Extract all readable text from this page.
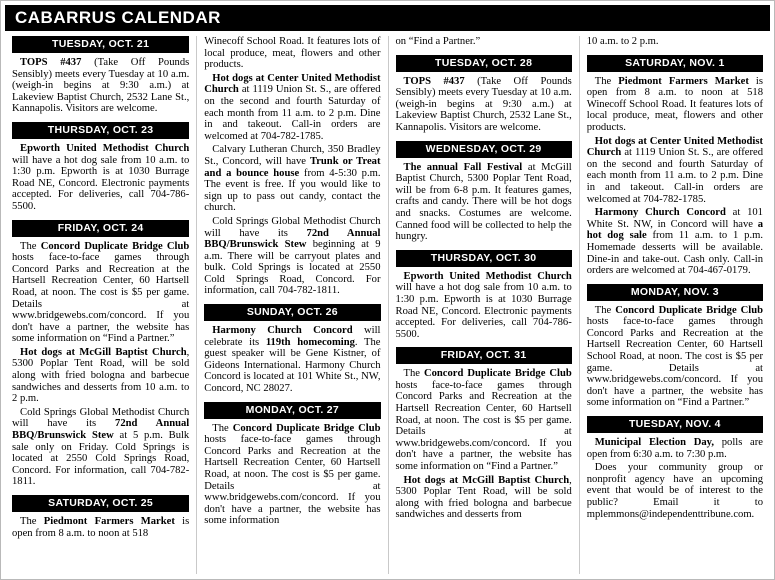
CABARRUS CALENDAR
TUESDAY, OCT. 21

TOPS #437 (Take Off Pounds Sensibly) meets every Tuesday at 10 a.m. (weigh-in begins at 9:30 a.m.) at Lakeview Baptist Church, 2532 Lane St., Kannapolis. Visitors are welcome.

THURSDAY, OCT. 23

Epworth United Methodist Church will have a hot dog sale from 10 a.m. to 1:30 p.m. Epworth is at 1030 Burrage Road NE, Concord. Electronic payments accepted. For deliveries, call 704-786-5500.

FRIDAY, OCT. 24

The Concord Duplicate Bridge Club hosts face-to-face games through Concord Parks and Recreation at the Hartsell Recreation Center, 60 Hartsell Road, at noon. The cost is $5 per game. Details at www.bridgewebs.com/concord. If you don't have a partner, the website has some information on “Find a Partner.”

Hot dogs at McGill Baptist Church, 5300 Poplar Tent Road, will be sold along with fried bologna and barbecue sandwiches and desserts from 10 a.m. to 2 p.m.

Cold Springs Global Methodist Church will have its 72nd Annual BBQ/Brunswick Stew at 5 p.m. Bulk sale only on Friday. Cold Springs is located at 2550 Cold Springs Road, Concord. For information, call 704-782-1811.

SATURDAY, OCT. 25

The Piedmont Farmers Market is open from 8 a.m. to noon at 518

Winecoff School Road. It features lots of local produce, meat, flowers and other products.

Hot dogs at Center United Methodist Church at 1119 Union St. S., are offered on the second and fourth Saturday of each month from 11 a.m. to 2 p.m. Dine in and takeout. Call-in orders are welcomed at 704-782-1785.

Calvary Lutheran Church, 350 Bradley St., Concord, will have Trunk or Treat and a bounce house from 4-5:30 p.m. The event is free. If you would like to sign up to pass out candy, contact the church.

Cold Springs Global Methodist Church will have its 72nd Annual BBQ/Brunswick Stew beginning at 9 a.m. There will be carryout plates and bulk. Cold Springs is located at 2550 Cold Springs Road, Concord. For information, call 704-782-1811.

SUNDAY, OCT. 26

Harmony Church Concord will celebrate its 119th homecoming. The guest speaker will be Gene Kistner, of Gideons International. Harmony Church Concord is located at 101 White St., NW, Concord, NC 28027.

MONDAY, OCT. 27

The Concord Duplicate Bridge Club hosts face-to-face games through Concord Parks and Recreation at the Hartsell Recreation Center, 60 Hartsell Road, at noon. The cost is $5 per game. Details at www.bridgewebs.com/concord. If you don't have a partner, the website has some information

on “Find a Partner.”

TUESDAY, OCT. 28

TOPS #437 (Take Off Pounds Sensibly) meets every Tuesday at 10 a.m. (weigh-in begins at 9:30 a.m.) at Lakeview Baptist Church, 2532 Lane St., Kannapolis. Visitors are welcome.

WEDNESDAY, OCT. 29

The annual Fall Festival at McGill Baptist Church, 5300 Poplar Tent Road, will be from 6-8 p.m. It features games, crafts and candy. There will be hot dogs and snacks. Costumes are welcome. Canned food will be collected to help the hungry.

THURSDAY, OCT. 30

Epworth United Methodist Church will have a hot dog sale from 10 a.m. to 1:30 p.m. Epworth is at 1030 Burrage Road NE, Concord. Electronic payments accepted. For deliveries, call 704-786-5500.

FRIDAY, OCT. 31

The Concord Duplicate Bridge Club hosts face-to-face games through Concord Parks and Recreation at the Hartsell Recreation Center, 60 Hartsell Road, at noon. The cost is $5 per game. Details at www.bridgewebs.com/concord. If you don't have a partner, the website has some information on “Find a Partner.”

Hot dogs at McGill Baptist Church, 5300 Poplar Tent Road, will be sold along with fried bologna and barbecue sandwiches and desserts from

10 a.m. to 2 p.m.

SATURDAY, NOV. 1

The Piedmont Farmers Market is open from 8 a.m. to noon at 518 Winecoff School Road. It features lots of local produce, meat, flowers and other products.

Hot dogs at Center United Methodist Church at 1119 Union St. S., are offered on the second and fourth Saturday of each month from 11 a.m. to 2 p.m. Dine in and takeout. Call-in orders are welcomed at 704-782-1785.

Harmony Church Concord at 101 White St. NW, in Concord will have a hot dog sale from 11 a.m. to 1 p.m. Homemade desserts will be available. Dine-in and take-out. Cash only. Call-in orders are welcomed at 704-467-0179.

MONDAY, NOV. 3

The Concord Duplicate Bridge Club hosts face-to-face games through Concord Parks and Recreation at the Hartsell Recreation Center, 60 Hartsell School Road, at noon. The cost is $5 per game. Details at www.bridgewebs.com/concord. If you don't have a partner, the website has some information on “Find a Partner.”

TUESDAY, NOV. 4

Municipal Election Day, polls are open from 6:30 a.m. to 7:30 p.m.

Does your community group or nonprofit agency have an upcoming event that would be of interest to the public? Email it to mplemmons@independenttribune.com.
